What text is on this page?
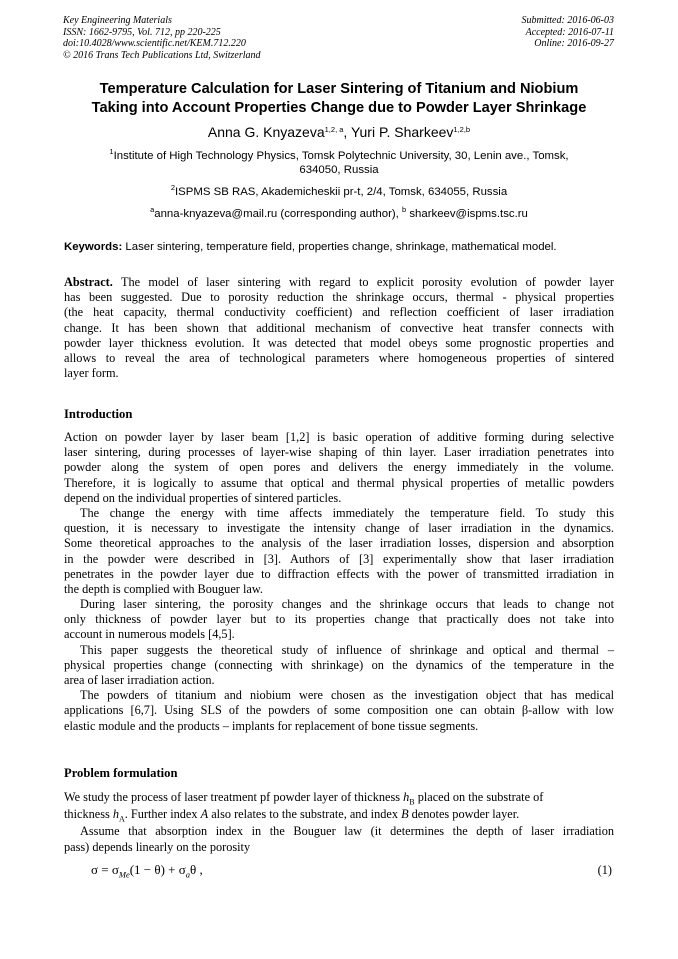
Key Engineering Materials
ISSN: 1662-9795, Vol. 712, pp 220-225
doi:10.4028/www.scientific.net/KEM.712.220
© 2016 Trans Tech Publications Ltd, Switzerland
Submitted: 2016-06-03
Accepted: 2016-07-11
Online: 2016-09-27
Temperature Calculation for Laser Sintering of Titanium and Niobium
Taking into Account Properties Change due to Powder Layer Shrinkage
Anna G. Knyazeva$^{1,2, a}$, Yuri P. Sharkeev$^{1,2,b}$
$^1$Institute of High Technology Physics, Tomsk Polytechnic University, 30, Lenin ave., Tomsk,
634050, Russia
$^2$ISPMS SB RAS, Akademicheskii pr-t, 2/4, Tomsk, 634055, Russia
$^a$anna-knyazeva@mail.ru (corresponding author), $^b$ sharkeev@ispms.tsc.ru
Keywords: Laser sintering, temperature field, properties change, shrinkage, mathematical model.
Abstract. The model of laser sintering with regard to explicit porosity evolution of powder layer
has been suggested. Due to porosity reduction the shrinkage occurs, thermal - physical properties
(the heat capacity, thermal conductivity coefficient) and reflection coefficient of laser irradiation
change. It has been shown that additional mechanism of convective heat transfer connects with
powder layer thickness evolution. It was detected that model obeys some prognostic properties and
allows to reveal the area of technological parameters where homogeneous properties of sintered
layer form.
Introduction
Action on powder layer by laser beam [1,2] is basic operation of additive forming during selective
laser sintering, during processes of layer-wise shaping of thin layer. Laser irradiation penetrates into
powder along the system of open pores and delivers the energy immediately in the volume.
Therefore, it is logically to assume that optical and thermal physical properties of metallic powders
depend on the individual properties of sintered particles.
The change the energy with time affects immediately the temperature field. To study this
question, it is necessary to investigate the intensity change of laser irradiation in the dynamics.
Some theoretical approaches to the analysis of the laser irradiation losses, dispersion and absorption
in the powder were described in [3]. Authors of [3] experimentally show that laser irradiation
penetrates in the powder layer due to diffraction effects with the power of transmitted irradiation in
the depth is complied with Bouguer law.
During laser sintering, the porosity changes and the shrinkage occurs that leads to change not
only thickness of powder layer but to its properties change that practically does not take into
account in numerous models [4,5].
This paper suggests the theoretical study of influence of shrinkage and optical and thermal –
physical properties change (connecting with shrinkage) on the dynamics of the temperature in the
area of laser irradiation action.
The powders of titanium and niobium were chosen as the investigation object that has medical
applications [6,7]. Using SLS of the powders of some composition one can obtain β-allow with low
elastic module and the products – implants for replacement of bone tissue segments.
Problem formulation
We study the process of laser treatment pf powder layer of thickness $h_B$ placed on the substrate of
thickness $h_A$. Further index A also relates to the substrate, and index B denotes powder layer.
Assume that absorption index in the Bouguer law (it determines the depth of laser irradiation
pass) depends linearly on the porosity
$\sigma = \sigma_{Me}(1 - \theta) + \sigma_a\theta$ ,	(1)
